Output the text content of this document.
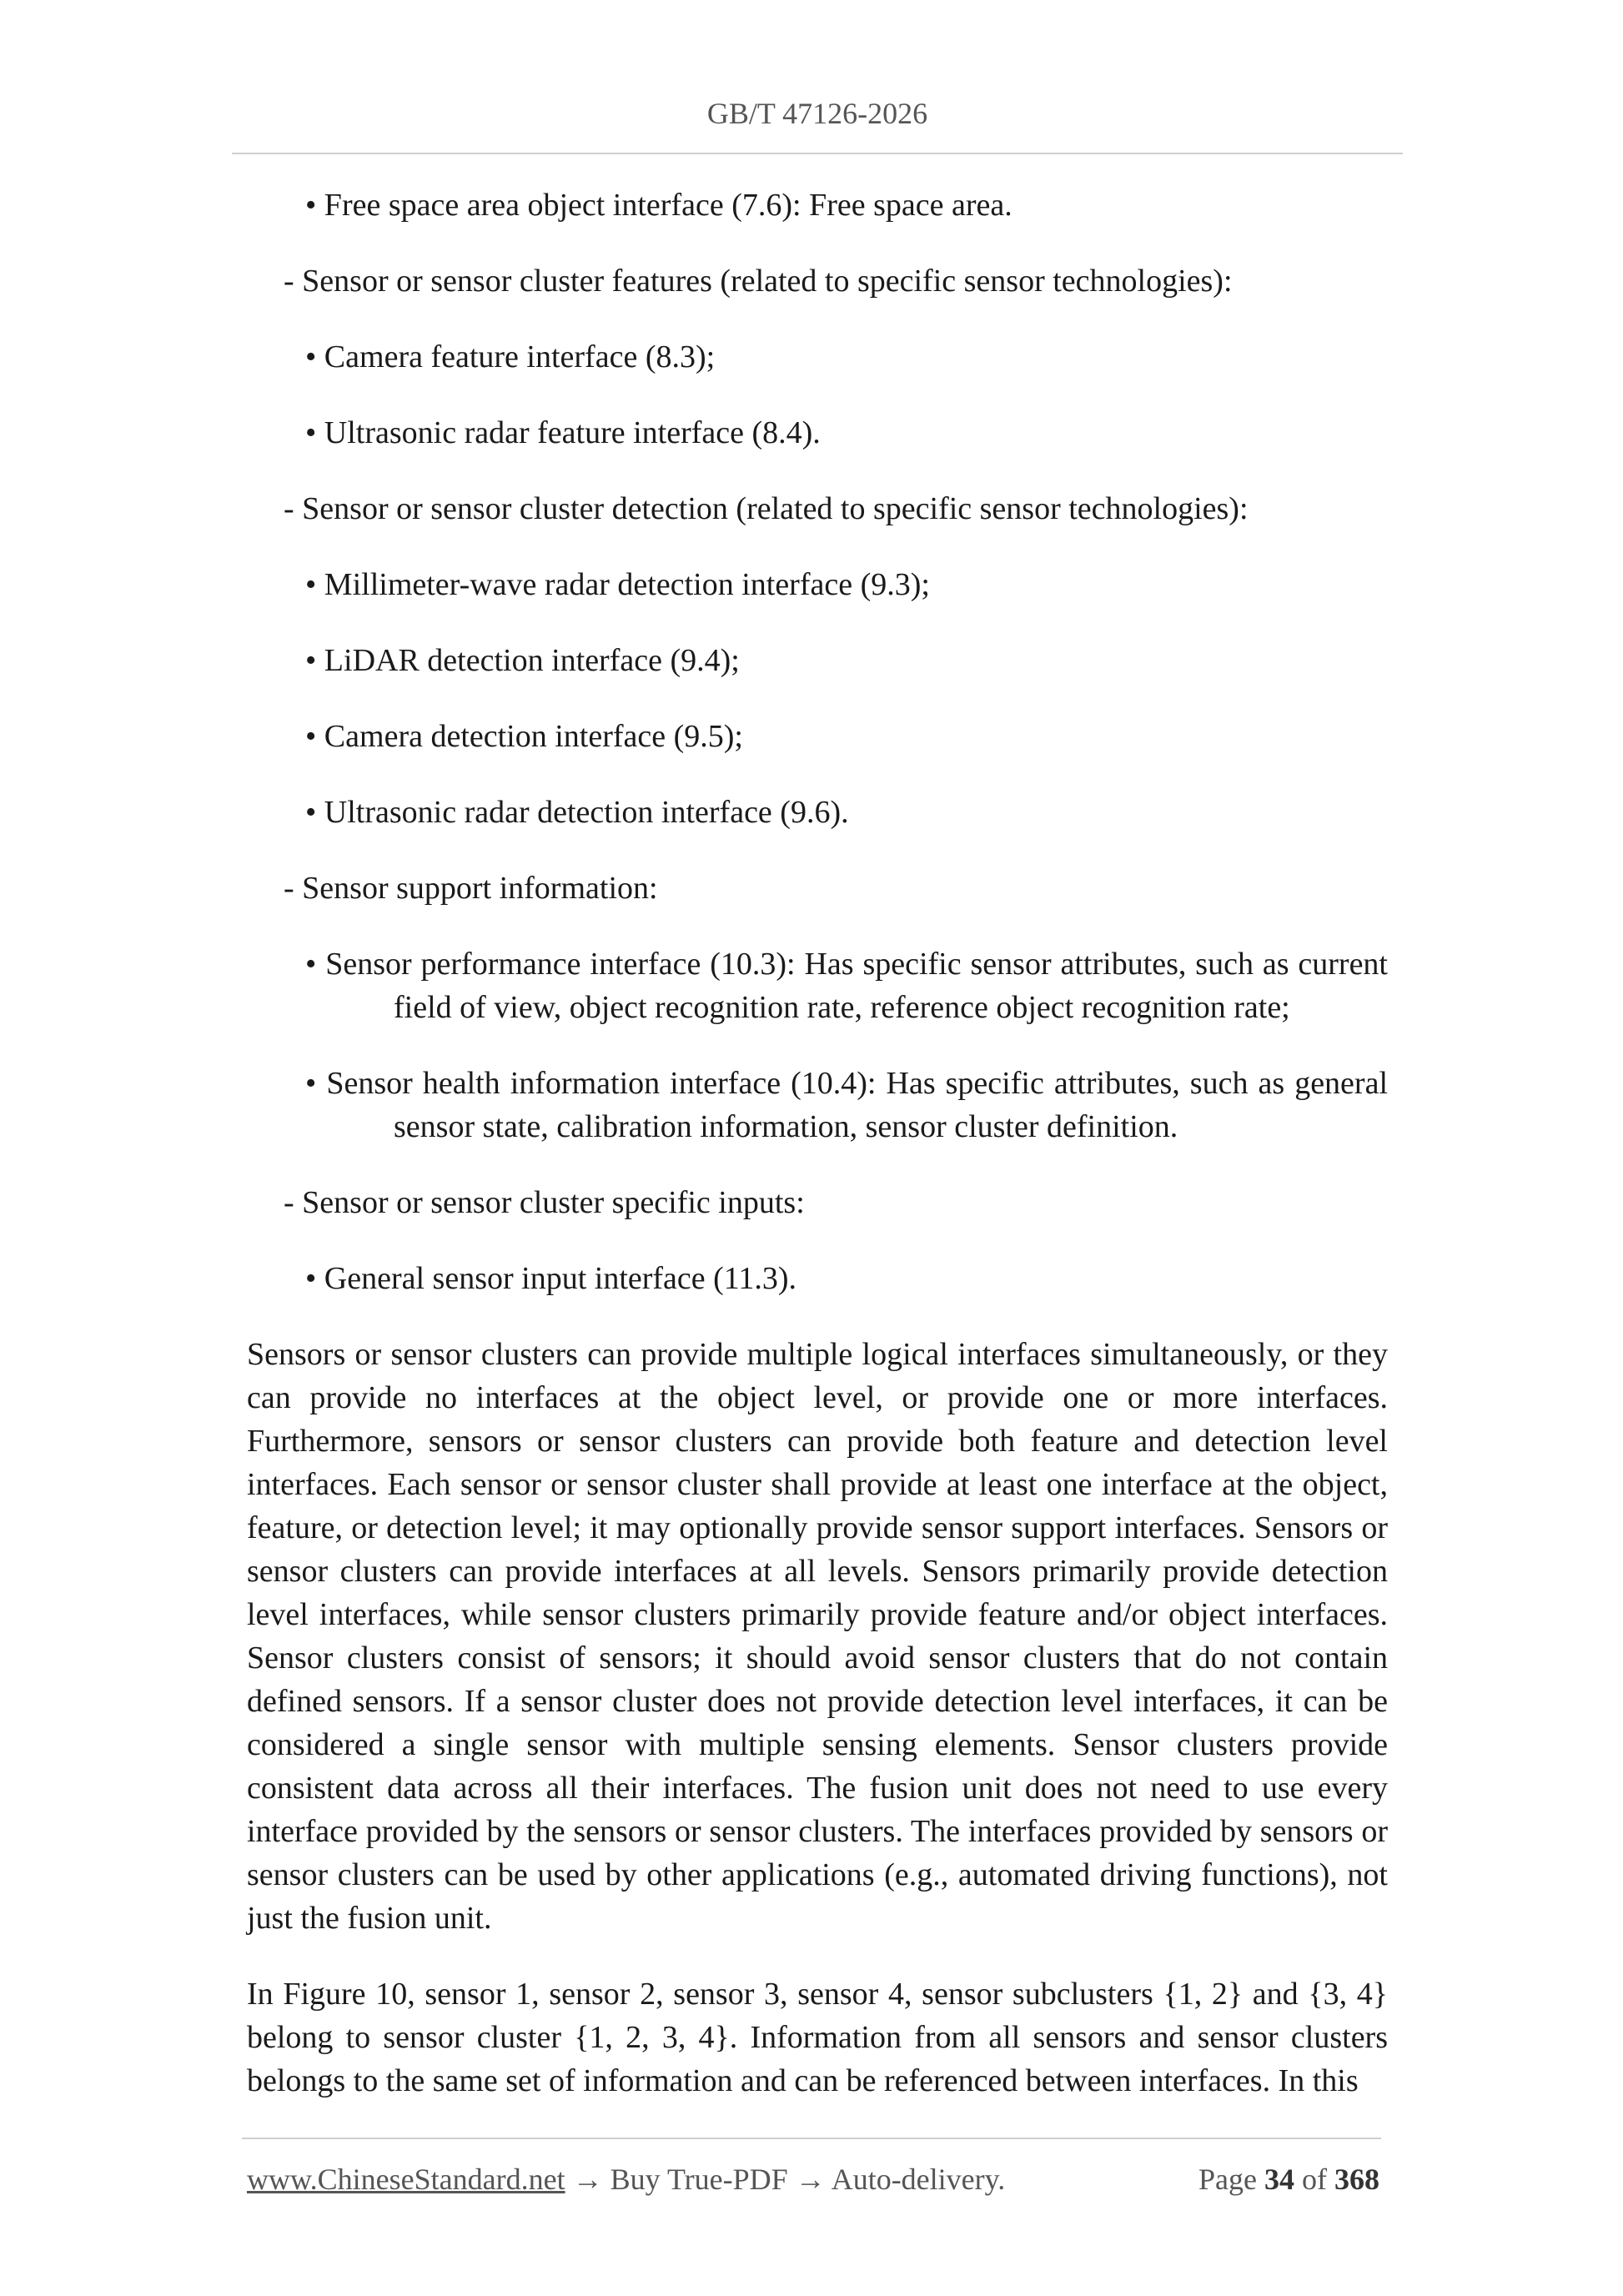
GB/T 47126-2026
• Free space area object interface (7.6): Free space area.
- Sensor or sensor cluster features (related to specific sensor technologies):
• Camera feature interface (8.3);
• Ultrasonic radar feature interface (8.4).
- Sensor or sensor cluster detection (related to specific sensor technologies):
• Millimeter-wave radar detection interface (9.3);
• LiDAR detection interface (9.4);
• Camera detection interface (9.5);
• Ultrasonic radar detection interface (9.6).
- Sensor support information:
• Sensor performance interface (10.3): Has specific sensor attributes, such as current field of view, object recognition rate, reference object recognition rate;
• Sensor health information interface (10.4): Has specific attributes, such as general sensor state, calibration information, sensor cluster definition.
- Sensor or sensor cluster specific inputs:
• General sensor input interface (11.3).

Sensors or sensor clusters can provide multiple logical interfaces simultaneously, or they can provide no interfaces at the object level, or provide one or more interfaces. Furthermore, sensors or sensor clusters can provide both feature and detection level interfaces. Each sensor or sensor cluster shall provide at least one interface at the object, feature, or detection level; it may optionally provide sensor support interfaces. Sensors or sensor clusters can provide interfaces at all levels. Sensors primarily provide detection level interfaces, while sensor clusters primarily provide feature and/or object interfaces. Sensor clusters consist of sensors; it should avoid sensor clusters that do not contain defined sensors. If a sensor cluster does not provide detection level interfaces, it can be considered a single sensor with multiple sensing elements. Sensor clusters provide consistent data across all their interfaces. The fusion unit does not need to use every interface provided by the sensors or sensor clusters. The interfaces provided by sensors or sensor clusters can be used by other applications (e.g., automated driving functions), not just the fusion unit.

In Figure 10, sensor 1, sensor 2, sensor 3, sensor 4, sensor subclusters {1, 2} and {3, 4} belong to sensor cluster {1, 2, 3, 4}. Information from all sensors and sensor clusters belongs to the same set of information and can be referenced between interfaces. In this

www.ChineseStandard.net → Buy True-PDF → Auto-delivery.	Page 34 of 368
